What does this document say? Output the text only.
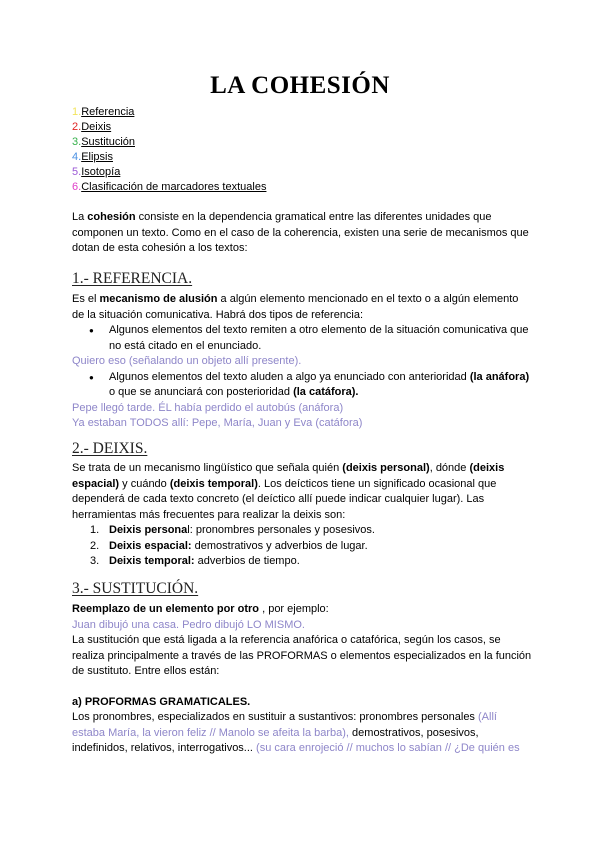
LA COHESIÓN
1.Referencia
2.Deixis
3.Sustitución
4.Elipsis
5.Isotopía
6.Clasificación de marcadores textuales
La cohesión consiste en la dependencia gramatical entre las diferentes unidades que componen un texto. Como en el caso de la coherencia, existen una serie de mecanismos que dotan de esta cohesión a los textos:
1.- REFERENCIA.
Es el mecanismo de alusión a algún elemento mencionado en el texto o a algún elemento de la situación comunicativa. Habrá dos tipos de referencia:
● Algunos elementos del texto remiten a otro elemento de la situación comunicativa que no está citado en el enunciado.
Quiero eso (señalando un objeto allí presente).
● Algunos elementos del texto aluden a algo ya enunciado con anterioridad (la anáfora) o que se anunciará con posterioridad (la catáfora).
Pepe llegó tarde. ÉL había perdido el autobús (anáfora)
Ya estaban TODOS allí: Pepe, María, Juan y Eva (catáfora)
2.- DEIXIS.
Se trata de un mecanismo lingüístico que señala quién (deixis personal), dónde (deixis espacial) y cuándo (deixis temporal). Los deícticos tiene un significado ocasional que dependerá de cada texto concreto (el deíctico allí puede indicar cualquier lugar). Las herramientas más frecuentes para realizar la deixis son:
1. Deixis personal: pronombres personales y posesivos.
2. Deixis espacial: demostrativos y adverbios de lugar.
3. Deixis temporal: adverbios de tiempo.
3.- SUSTITUCIÓN.
Reemplazo de un elemento por otro , por ejemplo:
Juan dibujó una casa. Pedro dibujó LO MISMO.
La sustitución que está ligada a la referencia anafórica o catafórica, según los casos, se realiza principalmente a través de las PROFORMAS o elementos especializados en la función de sustituto. Entre ellos están:
a) PROFORMAS GRAMATICALES.
Los pronombres, especializados en sustituir a sustantivos: pronombres personales (Allí estaba María, la vieron feliz // Manolo se afeita la barba), demostrativos, posesivos, indefinidos, relativos, interrogativos... (su cara enrojeció // muchos lo sabían // ¿De quién es
